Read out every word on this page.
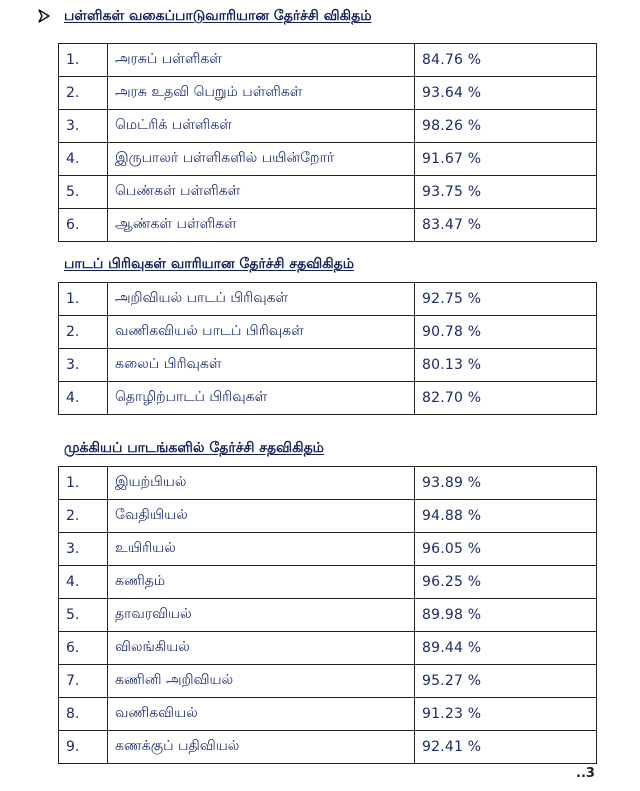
பள்ளிகள் வகைப்பாடுவாரியான தேர்ச்சி விகிதம்
1.	அரசுப் பள்ளிகள்	84.76 %
2.	அரசு உதவி பெறும் பள்ளிகள்	93.64 %
3.	மெட்ரிக் பள்ளிகள்	98.26 %
4.	இருபாலர் பள்ளிகளில் பயின்றோர்	91.67 %
5.	பெண்கள் பள்ளிகள்	93.75 %
6.	ஆண்கள் பள்ளிகள்	83.47 %
பாடப் பிரிவுகள் வாரியான தேர்ச்சி சதவிகிதம்
1.	அறிவியல் பாடப் பிரிவுகள்	92.75 %
2.	வணிகவியல் பாடப் பிரிவுகள்	90.78 %
3.	கலைப் பிரிவுகள்	80.13 %
4.	தொழிற்பாடப் பிரிவுகள்	82.70 %
முக்கியப் பாடங்களில் தேர்ச்சி சதவிகிதம்
1.	இயற்பியல்	93.89 %
2.	வேதியியல்	94.88 %
3.	உயிரியல்	96.05 %
4.	கணிதம்	96.25 %
5.	தாவரவியல்	89.98 %
6.	விலங்கியல்	89.44 %
7.	கணினி அறிவியல்	95.27 %
8.	வணிகவியல்	91.23 %
9.	கணக்குப் பதிவியல்	92.41 %
..3
